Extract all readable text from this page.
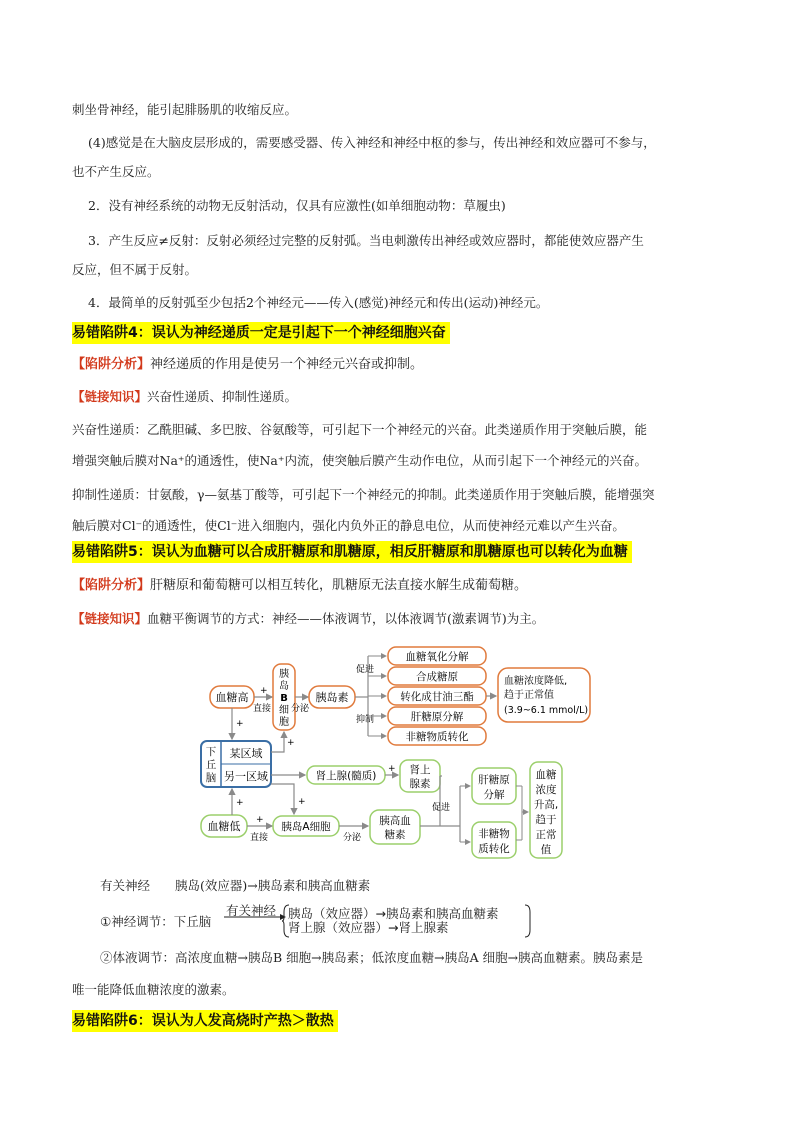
刺坐骨神经，能引起腓肠肌的收缩反应。
(4)感觉是在大脑皮层形成的，需要感受器、传入神经和神经中枢的参与，传出神经和效应器可不参与，
也不产生反应。
2．没有神经系统的动物无反射活动，仅具有应激性(如单细胞动物：草履虫)
3．产生反应≠反射：反射必须经过完整的反射弧。当电刺激传出神经或效应器时，都能使效应器产生
反应，但不属于反射。
4．最简单的反射弧至少包括2个神经元——传入(感觉)神经元和传出(运动)神经元。
易错陷阱4：误认为神经递质一定是引起下一个神经细胞兴奋
【陷阱分析】神经递质的作用是使另一个神经元兴奋或抑制。
【链接知识】兴奋性递质、抑制性递质。
兴奋性递质：乙酰胆碱、多巴胺、谷氨酸等，可引起下一个神经元的兴奋。此类递质作用于突触后膜，能
增强突触后膜对Na⁺的通透性，使Na⁺内流，使突触后膜产生动作电位，从而引起下一个神经元的兴奋。
抑制性递质：甘氨酸，γ—氨基丁酸等，可引起下一个神经元的抑制。此类递质作用于突触后膜，能增强突
触后膜对Cl⁻的通透性，使Cl⁻进入细胞内，强化内负外正的静息电位，从而使神经元难以产生兴奋。
易错陷阱5：误认为血糖可以合成肝糖原和肌糖原，相反肝糖原和肌糖原也可以转化为血糖
【陷阱分析】肝糖原和葡萄糖可以相互转化，肌糖原无法直接水解生成葡萄糖。
【链接知识】血糖平衡调节的方式：神经——体液调节，以体液调节(激素调节)为主。
血糖高 +
直接
胰
岛
B
细
胞
分泌
胰岛素
促进
抑制
血糖氧化分解
合成糖原
转化成甘油三酯
肝糖原分解
非糖物质转化
血糖浓度降低,
趋于正常值
(3.9~6.1 mmol/L)
下
丘
脑
某区域
另一区域
+
+
肾上腺(髓质)
+ 肾上
腺素
血糖低
+
+
直接
+
胰岛A细胞
分泌
胰高血
糖素
促进
肝糖原
分解
非糖物
质转化
血糖
浓度
升高,
趋于
正常
值
有关神经　　胰岛(效应器)→胰岛素和胰高血糖素
①神经调节：下丘脑
有关神经 胰岛（效应器）→胰岛素和胰高血糖素
肾上腺（效应器）→肾上腺素
②体液调节：高浓度血糖→胰岛B 细胞→胰岛素；低浓度血糖→胰岛A 细胞→胰高血糖素。胰岛素是
唯一能降低血糖浓度的激素。
易错陷阱6：误认为人发高烧时产热＞散热
